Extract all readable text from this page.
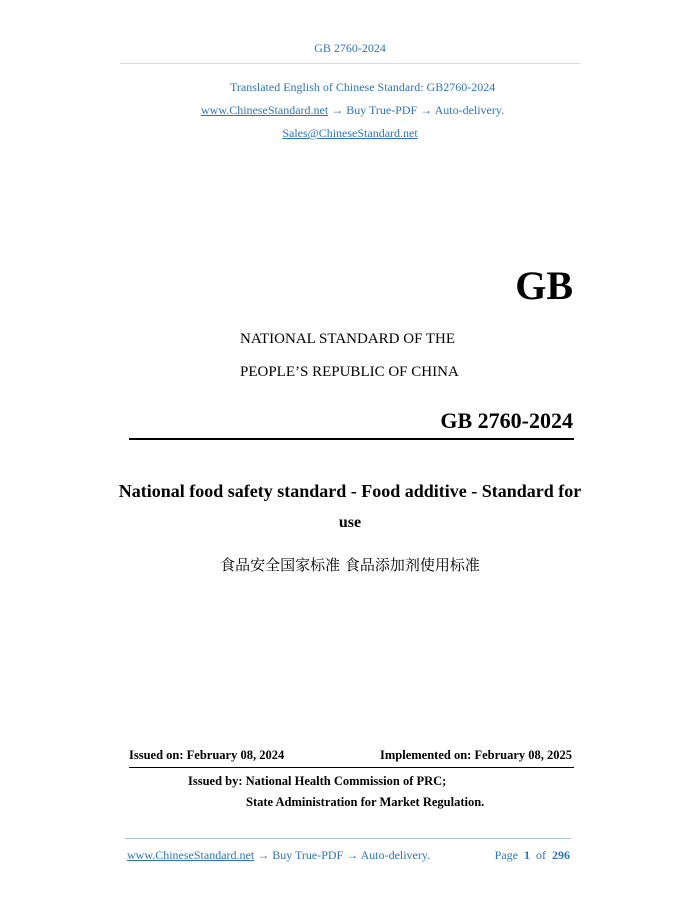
GB 2760-2024
Translated English of Chinese Standard: GB2760-2024
www.ChineseStandard.net → Buy True-PDF → Auto-delivery.
Sales@ChineseStandard.net
GB
NATIONAL STANDARD OF THE
PEOPLE’S REPUBLIC OF CHINA
GB 2760-2024
National food safety standard - Food additive - Standard for
use
食品安全国家标准 食品添加剂使用标准
Issued on: February 08, 2024	Implemented on: February 08, 2025
Issued by: National Health Commission of PRC;
State Administration for Market Regulation.
www.ChineseStandard.net → Buy True-PDF → Auto-delivery.	Page 1 of 296
